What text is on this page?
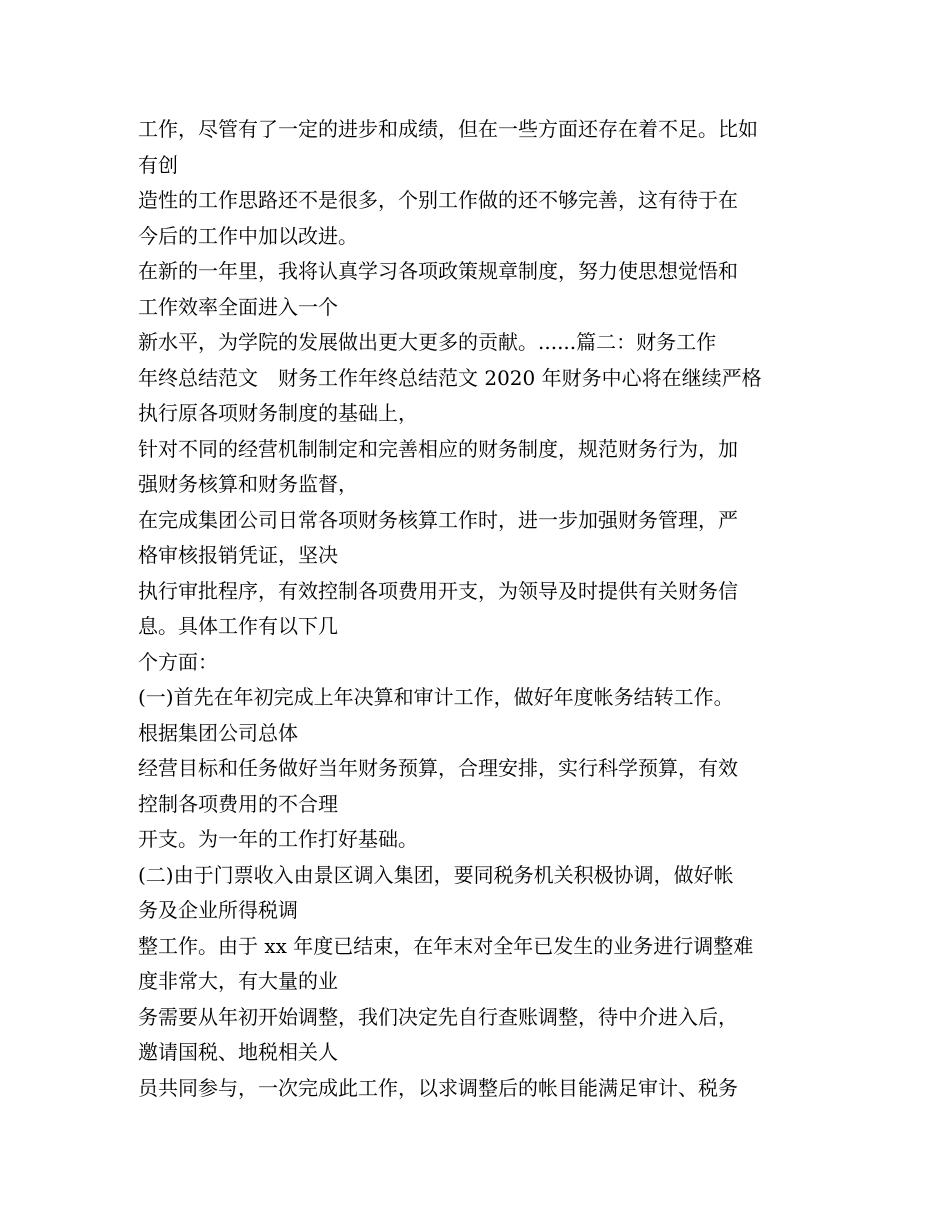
工作，尽管有了一定的进步和成绩，但在一些方面还存在着不足。比如
有创
造性的工作思路还不是很多，个别工作做的还不够完善，这有待于在
今后的工作中加以改进。
在新的一年里，我将认真学习各项政策规章制度，努力使思想觉悟和
工作效率全面进入一个
新水平，为学院的发展做出更大更多的贡献。......篇二：财务工作
年终总结范文　财务工作年终总结范文 2020 年财务中心将在继续严格
执行原各项财务制度的基础上，
针对不同的经营机制制定和完善相应的财务制度，规范财务行为，加
强财务核算和财务监督，
在完成集团公司日常各项财务核算工作时，进一步加强财务管理，严
格审核报销凭证，坚决
执行审批程序，有效控制各项费用开支，为领导及时提供有关财务信
息。具体工作有以下几
个方面：
(一)首先在年初完成上年决算和审计工作，做好年度帐务结转工作。
根据集团公司总体
经营目标和任务做好当年财务预算，合理安排，实行科学预算，有效
控制各项费用的不合理
开支。为一年的工作打好基础。
(二)由于门票收入由景区调入集团，要同税务机关积极协调，做好帐
务及企业所得税调
整工作。由于 xx 年度已结束，在年末对全年已发生的业务进行调整难
度非常大，有大量的业
务需要从年初开始调整，我们决定先自行查账调整，待中介进入后，
邀请国税、地税相关人
员共同参与，一次完成此工作，以求调整后的帐目能满足审计、税务
